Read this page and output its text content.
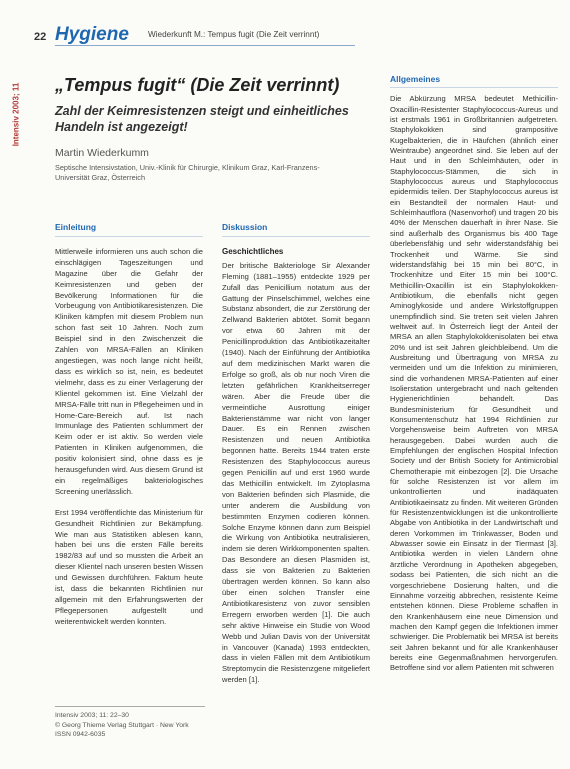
22 Hygiene Wiederkunft M.: Tempus fugit (Die Zeit verrinnt)
Intensiv 2003; 11 „Tempus fugit“ (Die Zeit verrinnt)
Zahl der Keimresistenzen steigt und einheitliches Handeln ist angezeigt!
Martin Wiederkumm
Septische Intensivstation, Univ.-Klinik für Chirurgie, Klinikum Graz, Karl-Franzens-Universität Graz, Österreich
Einleitung

Mittlerweile informieren uns auch schon die einschlägigen Tageszeitungen und Magazine über die Gefahr der Keimresistenzen und geben der Bevölkerung Informationen für die Vorbeugung von Antibiotikaresistenzen. Die Kliniken kämpfen mit diesem Problem nun schon fast seit 10 Jahren. Noch zum Beispiel sind in den Zwischenzeit die Zahlen von MRSA-Fällen an Kliniken angestiegen, was noch lange nicht heißt, dass es wirklich so ist, nein, es bedeutet vielmehr, dass es zu einer Verlagerung der Klientel gekommen ist. Eine Vielzahl der MRSA-Fälle tritt nun in Pflegeheimen und in Home-Care-Bereich auf. Ist nach Immunlage des Patienten schlummert der Keim oder er ist aktiv. So werden viele Patienten in Kliniken aufgenommen, die positiv kolonisiert sind, ohne dass es je herausgefunden wird. Aus diesem Grund ist ein regelmäßiges bakteriologisches Screening unerlässlich.

Erst 1994 veröffentlichte das Ministerium für Gesundheit Richtlinien zur Bekämpfung. Wie man aus Statistiken ablesen kann, haben bei uns die ersten Fälle bereits 1982/83 auf und so mussten die Arbeit an dieser Klientel nach unseren besten Wissen und Gewissen durchführen. Faktum heute ist, dass die bekannten Richtlinien nur allgemein mit den Erfahrungswerten der Pflegepersonen aufgestellt und weiterentwickelt werden konnten.

Diskussion
Geschichtliches

Der britische Bakteriologe Sir Alexander Fleming (1881–1955) entdeckte 1929 per Zufall das Penicillium notatum aus der Gattung der Pinselschimmel, welches eine Substanz absondert, die zur Zerstörung der Zellwand Bakterien abtötet. Somit begann vor etwa 60 Jahren mit der Penicillinproduktion das Antibiotikazeitalter (1940). Nach der Einführung der Antibiotika auf dem medizinischen Markt waren die Erfolge so groß, als ob nur noch Viren die letzten gefährlichen Krankheitserreger wären. Aber die Freude über die vermeintliche Ausrottung einiger Bakterienstämme war nicht von langer Dauer. Es ein Rennen zwischen Resistenzen und neuen Antibiotika begonnen hatte. Bereits 1944 traten erste Resistenzen des Staphylococcus aureus gegen Penicillin auf und erst 1960 wurde das Methicillin entwickelt. Im Zytoplasma von Bakterien befinden sich Plasmide, die unter anderem die Ausbildung von bestimmten Enzymen codieren können. Solche Enzyme können dann zum Beispiel die Wirkung von Antibiotika neutralisieren, indem sie deren Wirkkomponenten spalten. Das Besondere an diesen Plasmiden ist, dass sie von Bakterien zu Bakterien übertragen werden können. So kann also über einen solchen Transfer eine Antibiotikaresistenz von zuvor sensiblen Erregern erworben werden [1]. Die auch sehr aktive Hinweise ein Studie von Wood Webb und Julian Davis von der Universität in Vancouver (Kanada) 1993 entdeckten, dass in vielen Fällen mit dem Antibiotikum Streptomycin die Resistenzgene mitgeliefert werden [1].

Allgemeines

Die Abkürzung MRSA bedeutet Methicillin-Oxacillin-Resistenter Staphylococcus-Aureus und ist erstmals 1961 in Großbritannien aufgetreten. Staphylokokken sind grampositive Kugelbakterien, die in Häufchen (ähnlich einer Weintraube) angeordnet sind. Sie leben auf der Haut und in den Schleimhäuten, oder in Staphylococcus-Stämmen, die sich in Staphylococcus aureus und Staphylococcus epidermidis teilen. Der Staphylococcus aureus ist ein Bestandteil der normalen Haut- und Schleimhautflora (Nasenvorhof) und tragen 20 bis 40% der Menschen dauerhaft in ihrer Nase. Sie sind außerhalb des Organismus bis 400 Tage überlebensfähig und sehr widerstandsfähig bei Trockenheit und Wärme. Sie sind widerstandsfähig bei 15 min bei 80°C, in Trockenhitze und Eiter 15 min bei 100°C. Methicillin-Oxacillin ist ein Staphylokokken-Antibiotikum, die ebenfalls nicht gegen Aminoglykoside und andere Wirkstoffgruppen unempfindlich sind. Sie treten seit vielen Jahren weltweit auf. In Österreich liegt der Anteil der MRSA an allen Staphylokokkenisolaten bei etwa 20% und ist seit Jahren gleichbleibend. Um die Ausbreitung und Übertragung von MRSA zu vermeiden und um die Infektion zu minimieren, sind die vorhandenen MRSA-Patienten auf einer Isolierstation untergebracht und nach geltenden Hygienerichtlinien behandelt. Das Bundesministerium für Gesundheit und Konsumentenschutz hat 1994 Richtlinien zur Vorgehensweise beim Auftreten von MRSA herausgegeben. Dabei wurden auch die Empfehlungen der englischen Hospital Infection Society und der British Society for Antimicrobial Chemotherapie mit einbezogen [2]. Die Ursache für solche Resistenzen ist vor allem im unkontrollierten und inadäquaten Antibiotikaeinsatz zu finden. Mit weiteren Gründen für Resistenzentwicklungen ist die unkontrollierte Abgabe von Antibiotika in der Landwirtschaft und deren Vorkommen im Trinkwasser, Boden und Abwasser sowie ein Einsatz in der Tiermast [3]. Antibiotika werden in vielen Ländern ohne ärztliche Verordnung in Apotheken abgegeben, sodass bei Patienten, die sich nicht an die vorgeschriebene Dosierung halten, und die Einnahme vorzeitig abbrechen, resistente Keime entstehen können. Diese Probleme schaffen in den Krankenhäusern eine neue Dimension und machen den Kampf gegen die Infektionen immer schwieriger. Die Problematik bei MRSA ist bereits seit Jahren bekannt und für alle Krankenhäuser bereits eine Gegenmaßnahmen hervorgerufen. Betroffene sind vor allem Patienten mit schweren

Intensiv 2003; 11: 22–30
© Georg Thieme Verlag Stuttgart · New York
ISSN 0942-6035
